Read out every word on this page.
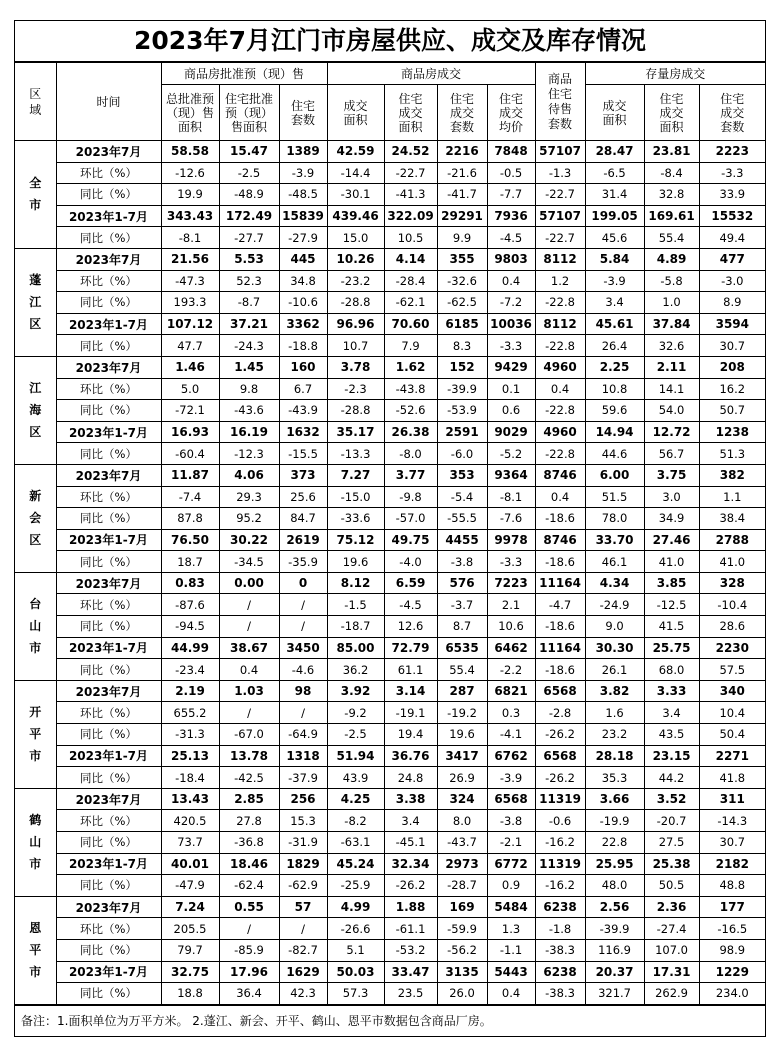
2023年7月江门市房屋供应、成交及库存情况
区域	时间	商品房批准预（现）售			商品房成交				商品住宅待售套数	存量房成交		
		总批准预（现）售面积	住宅批准预（现）售面积	住宅套数	成交面积	住宅成交面积	住宅成交套数	住宅成交均价		成交面积	住宅成交面积	住宅成交套数
全市	2023年7月	58.58	15.47	1389	42.59	24.52	2216	7848	57107	28.47	23.81	2223
	环比（%）	-12.6	-2.5	-3.9	-14.4	-22.7	-21.6	-0.5	-1.3	-6.5	-8.4	-3.3
	同比（%）	19.9	-48.9	-48.5	-30.1	-41.3	-41.7	-7.7	-22.7	31.4	32.8	33.9
	2023年1-7月	343.43	172.49	15839	439.46	322.09	29291	7936	57107	199.05	169.61	15532
	同比（%）	-8.1	-27.7	-27.9	15.0	10.5	9.9	-4.5	-22.7	45.6	55.4	49.4
蓬江区	2023年7月	21.56	5.53	445	10.26	4.14	355	9803	8112	5.84	4.89	477
	环比（%）	-47.3	52.3	34.8	-23.2	-28.4	-32.6	0.4	1.2	-3.9	-5.8	-3.0
	同比（%）	193.3	-8.7	-10.6	-28.8	-62.1	-62.5	-7.2	-22.8	3.4	1.0	8.9
	2023年1-7月	107.12	37.21	3362	96.96	70.60	6185	10036	8112	45.61	37.84	3594
	同比（%）	47.7	-24.3	-18.8	10.7	7.9	8.3	-3.3	-22.8	26.4	32.6	30.7
江海区	2023年7月	1.46	1.45	160	3.78	1.62	152	9429	4960	2.25	2.11	208
	环比（%）	5.0	9.8	6.7	-2.3	-43.8	-39.9	0.1	0.4	10.8	14.1	16.2
	同比（%）	-72.1	-43.6	-43.9	-28.8	-52.6	-53.9	0.6	-22.8	59.6	54.0	50.7
	2023年1-7月	16.93	16.19	1632	35.17	26.38	2591	9029	4960	14.94	12.72	1238
	同比（%）	-60.4	-12.3	-15.5	-13.3	-8.0	-6.0	-5.2	-22.8	44.6	56.7	51.3
新会区	2023年7月	11.87	4.06	373	7.27	3.77	353	9364	8746	6.00	3.75	382
	环比（%）	-7.4	29.3	25.6	-15.0	-9.8	-5.4	-8.1	0.4	51.5	3.0	1.1
	同比（%）	87.8	95.2	84.7	-33.6	-57.0	-55.5	-7.6	-18.6	78.0	34.9	38.4
	2023年1-7月	76.50	30.22	2619	75.12	49.75	4455	9978	8746	33.70	27.46	2788
	同比（%）	18.7	-34.5	-35.9	19.6	-4.0	-3.8	-3.3	-18.6	46.1	41.0	41.0
台山市	2023年7月	0.83	0.00	0	8.12	6.59	576	7223	11164	4.34	3.85	328
	环比（%）	-87.6	/	/	-1.5	-4.5	-3.7	2.1	-4.7	-24.9	-12.5	-10.4
	同比（%）	-94.5	/	/	-18.7	12.6	8.7	10.6	-18.6	9.0	41.5	28.6
	2023年1-7月	44.99	38.67	3450	85.00	72.79	6535	6462	11164	30.30	25.75	2230
	同比（%）	-23.4	0.4	-4.6	36.2	61.1	55.4	-2.2	-18.6	26.1	68.0	57.5
开平市	2023年7月	2.19	1.03	98	3.92	3.14	287	6821	6568	3.82	3.33	340
	环比（%）	655.2	/	/	-9.2	-19.1	-19.2	0.3	-2.8	1.6	3.4	10.4
	同比（%）	-31.3	-67.0	-64.9	-2.5	19.4	19.6	-4.1	-26.2	23.2	43.5	50.4
	2023年1-7月	25.13	13.78	1318	51.94	36.76	3417	6762	6568	28.18	23.15	2271
	同比（%）	-18.4	-42.5	-37.9	43.9	24.8	26.9	-3.9	-26.2	35.3	44.2	41.8
鹤山市	2023年7月	13.43	2.85	256	4.25	3.38	324	6568	11319	3.66	3.52	311
	环比（%）	420.5	27.8	15.3	-8.2	3.4	8.0	-3.8	-0.6	-19.9	-20.7	-14.3
	同比（%）	73.7	-36.8	-31.9	-63.1	-45.1	-43.7	-2.1	-16.2	22.8	27.5	30.7
	2023年1-7月	40.01	18.46	1829	45.24	32.34	2973	6772	11319	25.95	25.38	2182
	同比（%）	-47.9	-62.4	-62.9	-25.9	-26.2	-28.7	0.9	-16.2	48.0	50.5	48.8
恩平市	2023年7月	7.24	0.55	57	4.99	1.88	169	5484	6238	2.56	2.36	177
	环比（%）	205.5	/	/	-26.6	-61.1	-59.9	1.3	-1.8	-39.9	-27.4	-16.5
	同比（%）	79.7	-85.9	-82.7	5.1	-53.2	-56.2	-1.1	-38.3	116.9	107.0	98.9
	2023年1-7月	32.75	17.96	1629	50.03	33.47	3135	5443	6238	20.37	17.31	1229
	同比（%）	18.8	36.4	42.3	57.3	23.5	26.0	0.4	-38.3	321.7	262.9	234.0
备注：1.面积单位为万平方米。 2.蓬江、新会、开平、鹤山、恩平市数据包含商品厂房。
